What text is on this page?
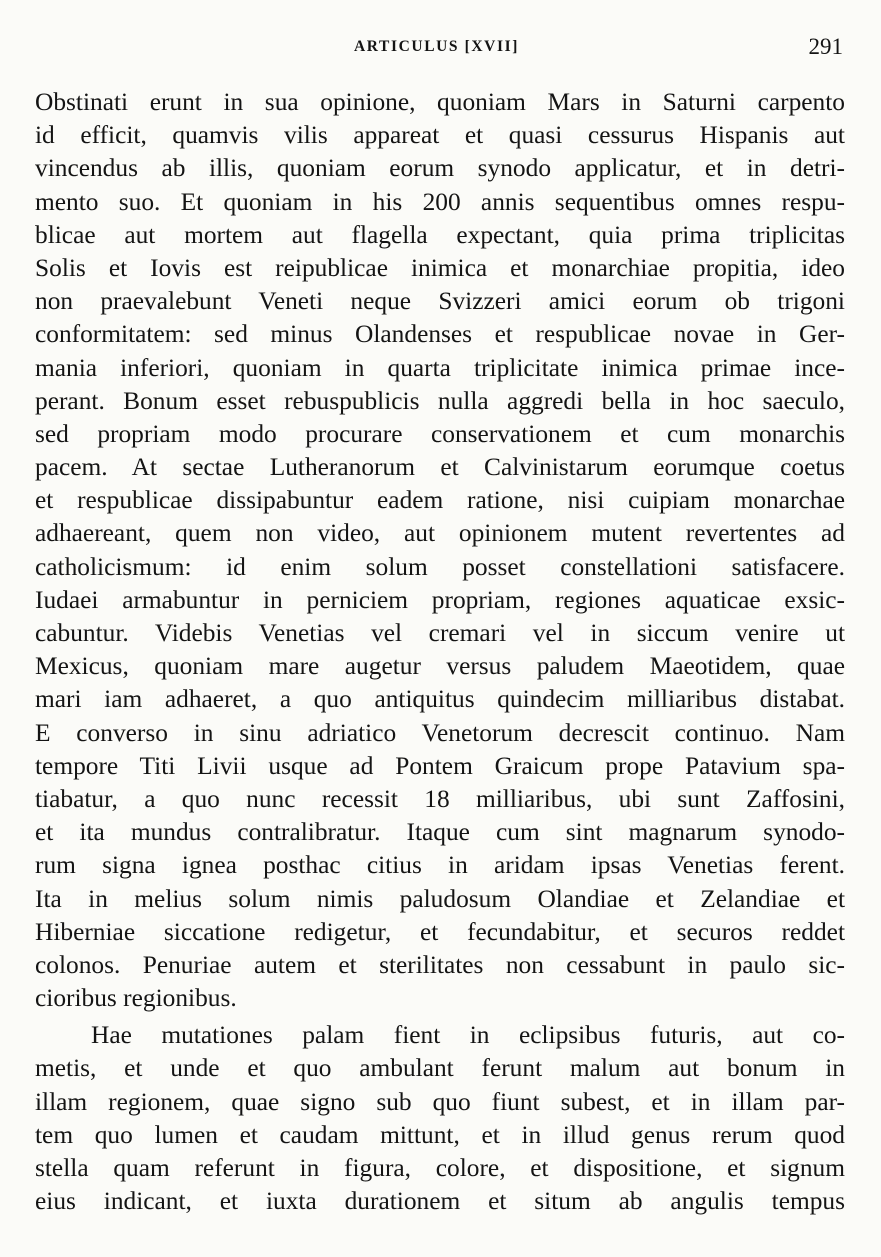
ARTICULUS [XVII]	291
Obstinati erunt in sua opinione, quoniam Mars in Saturni carpento
id efficit, quamvis vilis appareat et quasi cessurus Hispanis aut
vincendus ab illis, quoniam eorum synodo applicatur, et in detri-
mento suo. Et quoniam in his 200 annis sequentibus omnes respu-
blicae aut mortem aut flagella expectant, quia prima triplicitas
Solis et Iovis est reipublicae inimica et monarchiae propitia, ideo
non praevalebunt Veneti neque Svizzeri amici eorum ob trigoni
conformitatem: sed minus Olandenses et respublicae novae in Ger-
mania inferiori, quoniam in quarta triplicitate inimica primae ince-
perant. Bonum esset rebuspublicis nulla aggredi bella in hoc saeculo,
sed propriam modo procurare conservationem et cum monarchis
pacem. At sectae Lutheranorum et Calvinistarum eorumque coetus
et respublicae dissipabuntur eadem ratione, nisi cuipiam monarchae
adhaereant, quem non video, aut opinionem mutent revertentes ad
catholicismum: id enim solum posset constellationi satisfacere.
Iudaei armabuntur in perniciem propriam, regiones aquaticae exsic-
cabuntur. Videbis Venetias vel cremari vel in siccum venire ut
Mexicus, quoniam mare augetur versus paludem Maeotidem, quae
mari iam adhaeret, a quo antiquitus quindecim milliaribus distabat.
E converso in sinu adriatico Venetorum decrescit continuo. Nam
tempore Titi Livii usque ad Pontem Graicum prope Patavium spa-
tiabatur, a quo nunc recessit 18 milliaribus, ubi sunt Zaffosini,
et ita mundus contralibratur. Itaque cum sint magnarum synodo-
rum signa ignea posthac citius in aridam ipsas Venetias ferent.
Ita in melius solum nimis paludosum Olandiae et Zelandiae et
Hiberniae siccatione redigetur, et fecundabitur, et securos reddet
colonos. Penuriae autem et sterilitates non cessabunt in paulo sic-
cioribus regionibus.
Hae mutationes palam fient in eclipsibus futuris, aut co-
metis, et unde et quo ambulant ferunt malum aut bonum in
illam regionem, quae signo sub quo fiunt subest, et in illam par-
tem quo lumen et caudam mittunt, et in illud genus rerum quod
stella quam referunt in figura, colore, et dispositione, et signum
eius indicant, et iuxta durationem et situm ab angulis tempus
